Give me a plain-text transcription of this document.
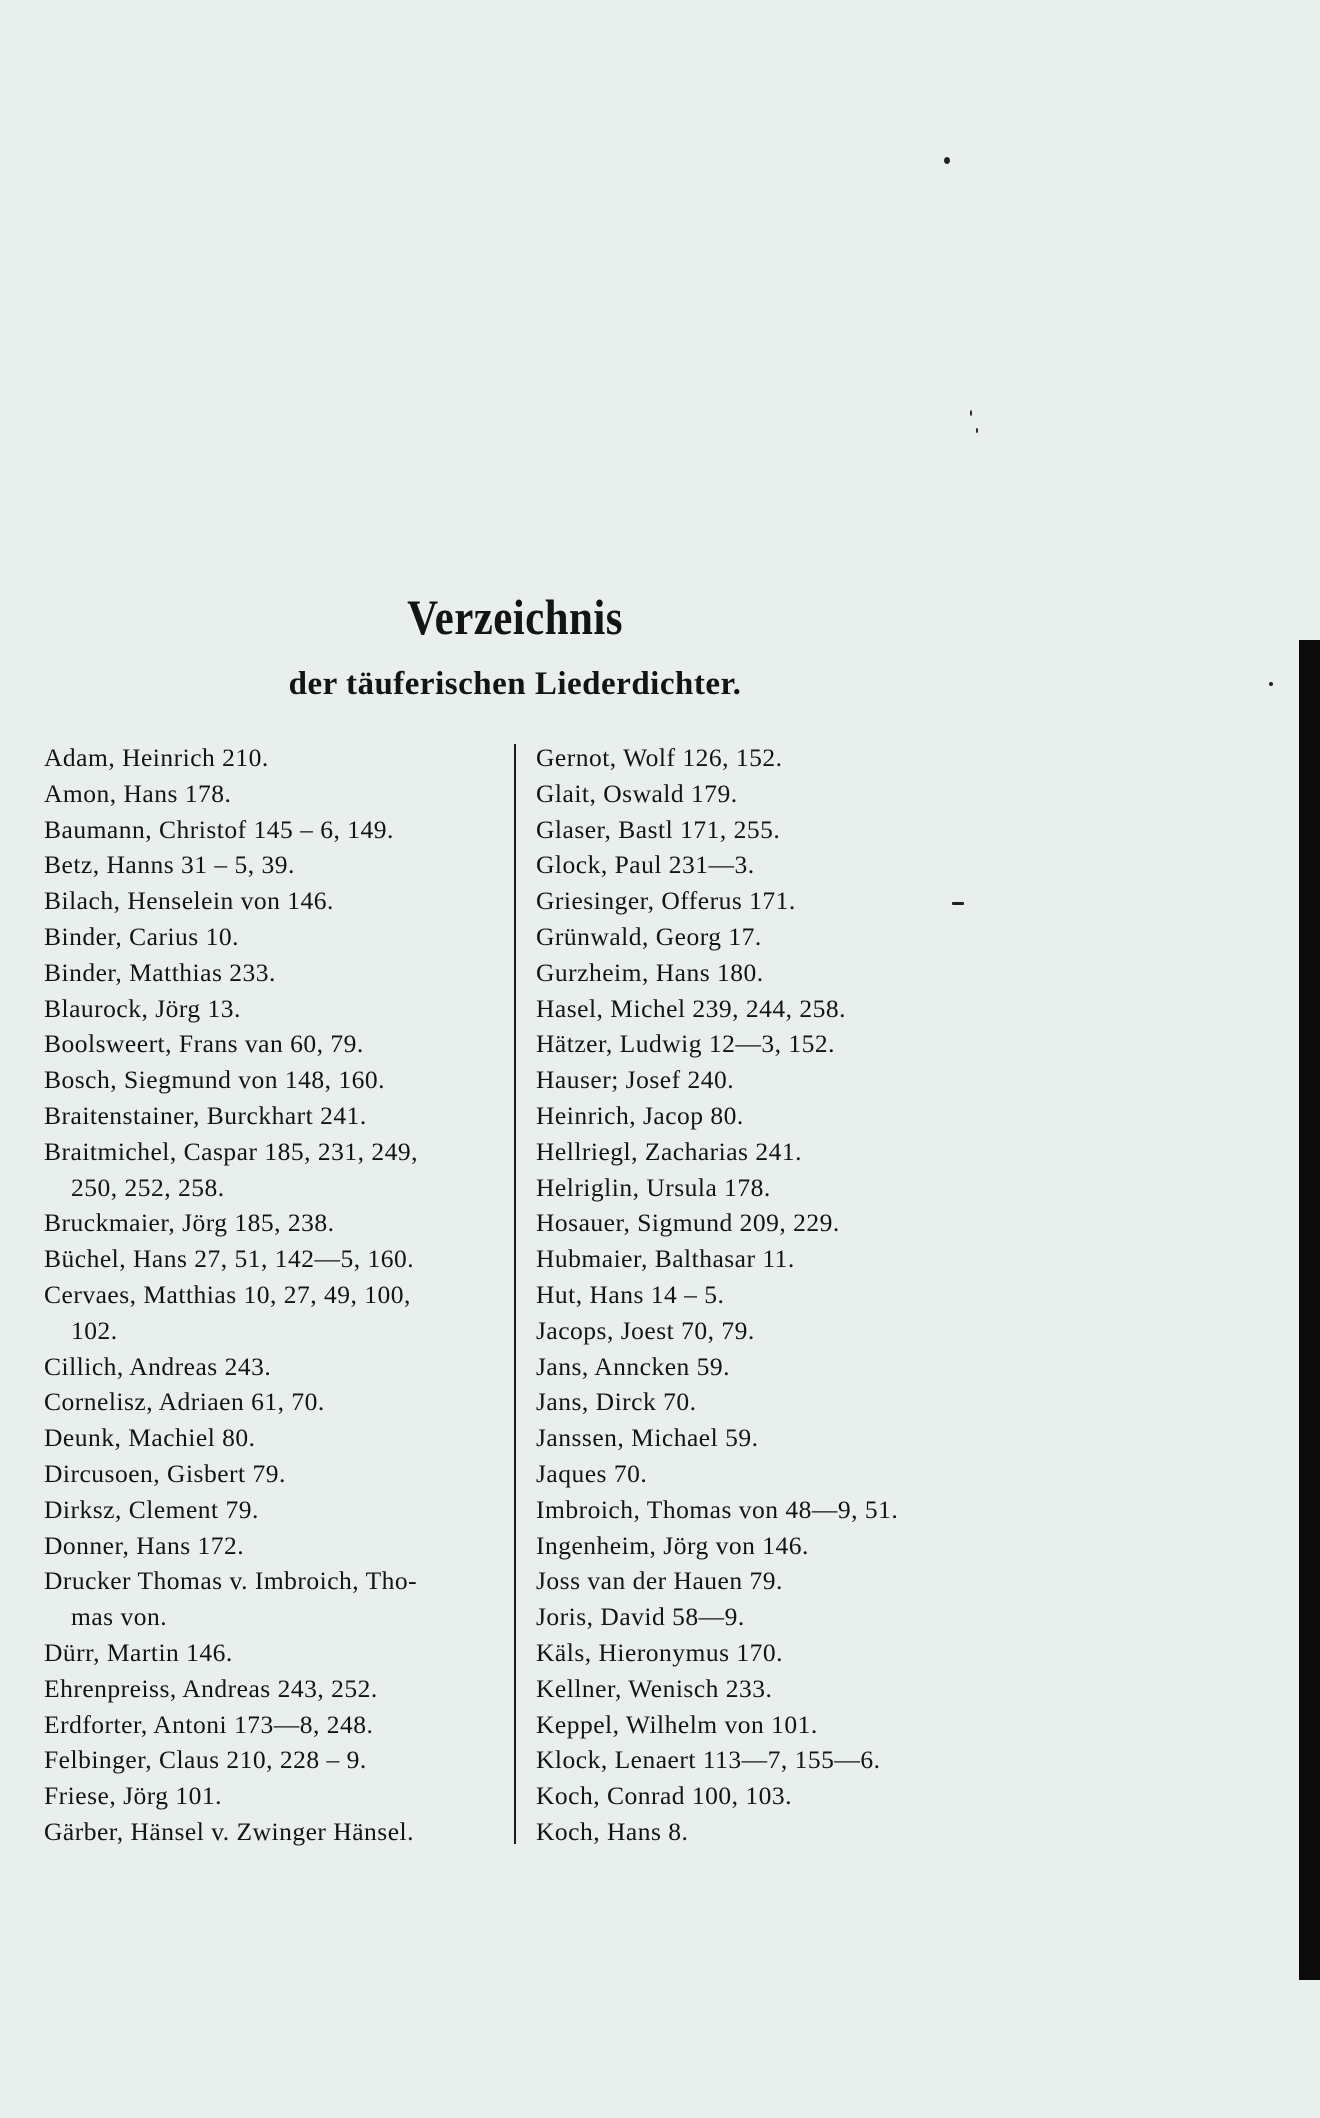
Verzeichnis
der täuferischen Liederdichter.
Adam, Heinrich 210.
Amon, Hans 178.
Baumann, Christof 145 – 6, 149.
Betz, Hanns 31 – 5, 39.
Bilach, Henselein von 146.
Binder, Carius 10.
Binder, Matthias 233.
Blaurock, Jörg 13.
Boolsweert, Frans van 60, 79.
Bosch, Siegmund von 148, 160.
Braitenstainer, Burckhart 241.
Braitmichel, Caspar 185, 231, 249,
250, 252, 258.
Bruckmaier, Jörg 185, 238.
Büchel, Hans 27, 51, 142—5, 160.
Cervaes, Matthias 10, 27, 49, 100,
102.
Cillich, Andreas 243.
Cornelisz, Adriaen 61, 70.
Deunk, Machiel 80.
Dircusoen, Gisbert 79.
Dirksz, Clement 79.
Donner, Hans 172.
Drucker Thomas v. Imbroich, Tho-
mas von.
Dürr, Martin 146.
Ehrenpreiss, Andreas 243, 252.
Erdforter, Antoni 173—8, 248.
Felbinger, Claus 210, 228 – 9.
Friese, Jörg 101.
Gärber, Hänsel v. Zwinger Hänsel.
Gernot, Wolf 126, 152.
Glait, Oswald 179.
Glaser, Bastl 171, 255.
Glock, Paul 231—3.
Griesinger, Offerus 171.
Grünwald, Georg 17.
Gurzheim, Hans 180.
Hasel, Michel 239, 244, 258.
Hätzer, Ludwig 12—3, 152.
Hauser; Josef 240.
Heinrich, Jacop 80.
Hellriegl, Zacharias 241.
Helriglin, Ursula 178.
Hosauer, Sigmund 209, 229.
Hubmaier, Balthasar 11.
Hut, Hans 14 – 5.
Jacops, Joest 70, 79.
Jans, Anncken 59.
Jans, Dirck 70.
Janssen, Michael 59.
Jaques 70.
Imbroich, Thomas von 48—9, 51.
Ingenheim, Jörg von 146.
Joss van der Hauen 79.
Joris, David 58—9.
Käls, Hieronymus 170.
Kellner, Wenisch 233.
Keppel, Wilhelm von 101.
Klock, Lenaert 113—7, 155—6.
Koch, Conrad 100, 103.
Koch, Hans 8.
